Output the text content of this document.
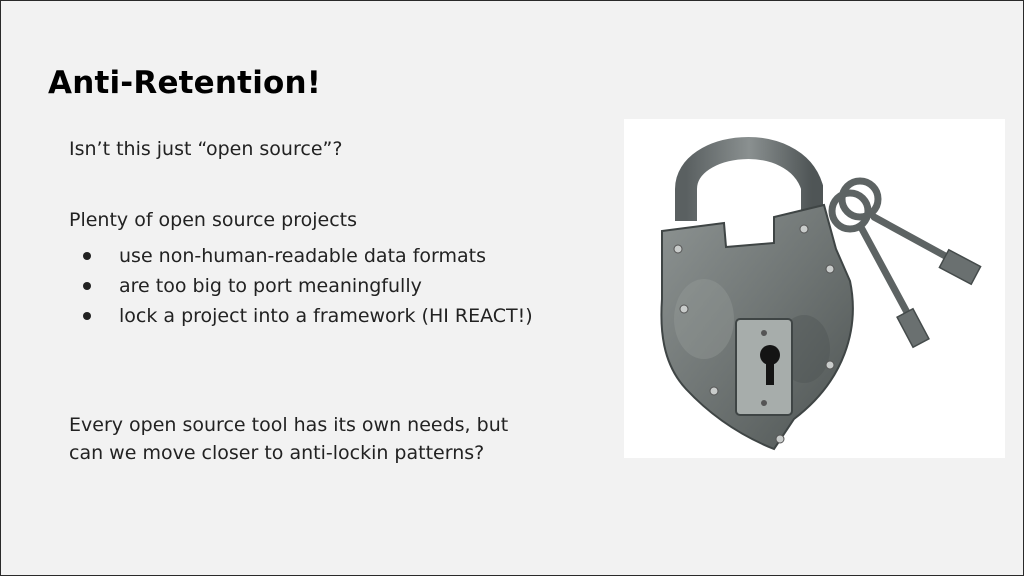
Anti-Retention!
Isn’t this just “open source”?
Plenty of open source projects
use non-human-readable data formats
are too big to port meaningfully
lock a project into a framework (HI REACT!)
Every open source tool has its own needs, but
can we move closer to anti-lockin patterns?
